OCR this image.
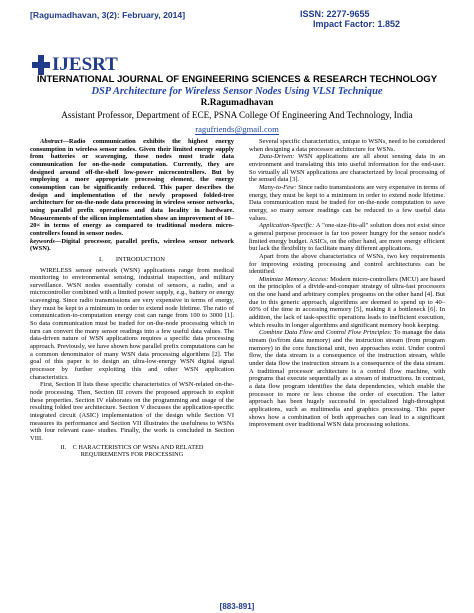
[Ragumadhavan, 3(2): February, 2014]	ISSN: 2277-9655
Impact Factor: 1.852
IJESRT
INTERNATIONAL JOURNAL OF ENGINEERING SCIENCES & RESEARCH TECHNOLOGY
DSP Architecture for Wireless Sensor Nodes Using VLSI Technique
R.Ragumadhavan
Assistant Professor, Department of ECE, PSNA College Of Engineering And Technology, India
ragufriends@gmail.com

Abstract—Radio communication exhibits the highest energy consumption in wireless sensor nodes. Given their limited energy supply from batteries or scavenging, these nodes must trade data communication for on-the-node computation. Currently, they are designed around off-the-shelf low-power microcontrollers. But by employing a more appropriate processing element, the energy consumption can be significantly reduced. This paper describes the design and implementation of the newly proposed folded-tree architecture for on-the-node data processing in wireless sensor networks, using parallel prefix operations and data locality in hardware. Measurements of the silicon implementation show an improvement of 10–20× in terms of energy as compared to traditional modern micro-controllers found in sensor nodes.

keywords—Digital processor, parallel prefix, wireless sensor network (WSN).

I.  INTRODUCTION

WIRELESS sensor network (WSN) applications range from medical monitoring to environmental sensing, industrial inspection, and military surveillance. WSN nodes essentially consist of sensors, a radio, and a microcontroller combined with a limited power supply, e.g., battery or energy scavenging. Since radio transmissions are very expensive in terms of energy, they must be kept to a minimum in order to extend node lifetime. The ratio of communication-to-computation energy cost can range from 100 to 3000 [1]. So data communication must be traded for on-the-node processing which in turn can convert the many sensor readings into a few useful data values. The data-driven nature of WSN applications requires a specific data processing approach. Previously, we have shown how parallel prefix computations can be a common denominator of many WSN data processing algorithms [2]. The goal of this paper is to design an ultra-low-energy WSN digital signal processor by further exploiting this and other WSN application characteristics.

First, Section II lists these specific characteristics of WSN-related on-the-node processing. Then, Section III covers the proposed approach to exploit these properties. Section IV elaborates on the programming and usage of the resulting folded tree architecture. Section V discusses the application-specific integrated circuit (ASIC) implementation of the design while Section VI measures its performance and Section VII illustrates the usefulness to WSNs with four relevant case- studies. Finally, the work is concluded in Section VIII.

II. C HARACTERISTICS OF WSNs AND RELATED
REQUIREMENTS FOR PROCESSING

Several specific characteristics, unique to WSNs, need to be considered when designing a data processor architecture for WSNs.

Data-Driven: WSN applications are all about sensing data in an environment and translating this into useful information for the end-user. So virtually all WSN applications are characterized by local processing of the sensed data [3].

Many-to-Few: Since radio transmissions are very expensive in terms of energy, they must be kept to a minimum in order to extend node lifetime. Data communication must be traded for on-the-node computation to save energy, so many sensor readings can be reduced to a few useful data values.

Application-Specific: A "one-size-fits-all" solution does not exist since a general purpose processor is far too power hungry for the sensor node's limited energy budget. ASICs, on the other hand, are more energy efficient but lack the flexibility to facilitate many different applications.

Apart from the above characteristics of WSNs, two key requirements for improving existing processing and control architectures can be identified.

Minimize Memory Access: Modern micro-controllers (MCU) are based on the principles of a divide-and-conquer strategy of ultra-fast processors on the one hand and arbitrary complex programs on the other hand [4]. But due to this generic approach, algorithms are deemed to spend up to 40–60% of the time in accessing memory [5], making it a bottleneck [6]. In addition, the lack of task-specific operations leads to inefficient execution, which results in longer algorithms and significant memory book keeping.

Combine Data Flow and Control Flow Principles: To manage the data stream (to/from data memory) and the instruction stream (from program memory) in the core functional unit, two approaches exist. Under control flow, the data stream is a consequence of the instruction stream, while under data flow the instruction stream is a consequence of the data stream. A traditional processor architecture is a control flow machine, with programs that execute sequentially as a stream of instructions. In contrast, a data flow program identifies the data dependencies, which enable the processor to more or less choose the order of execution. The latter approach has been hugely successful in specialized high-throughput applications, such as multimedia and graphics processing. This paper shows how a combination of both approaches can lead to a significant improvement over traditional WSN data processing solutions.

[883-891]
